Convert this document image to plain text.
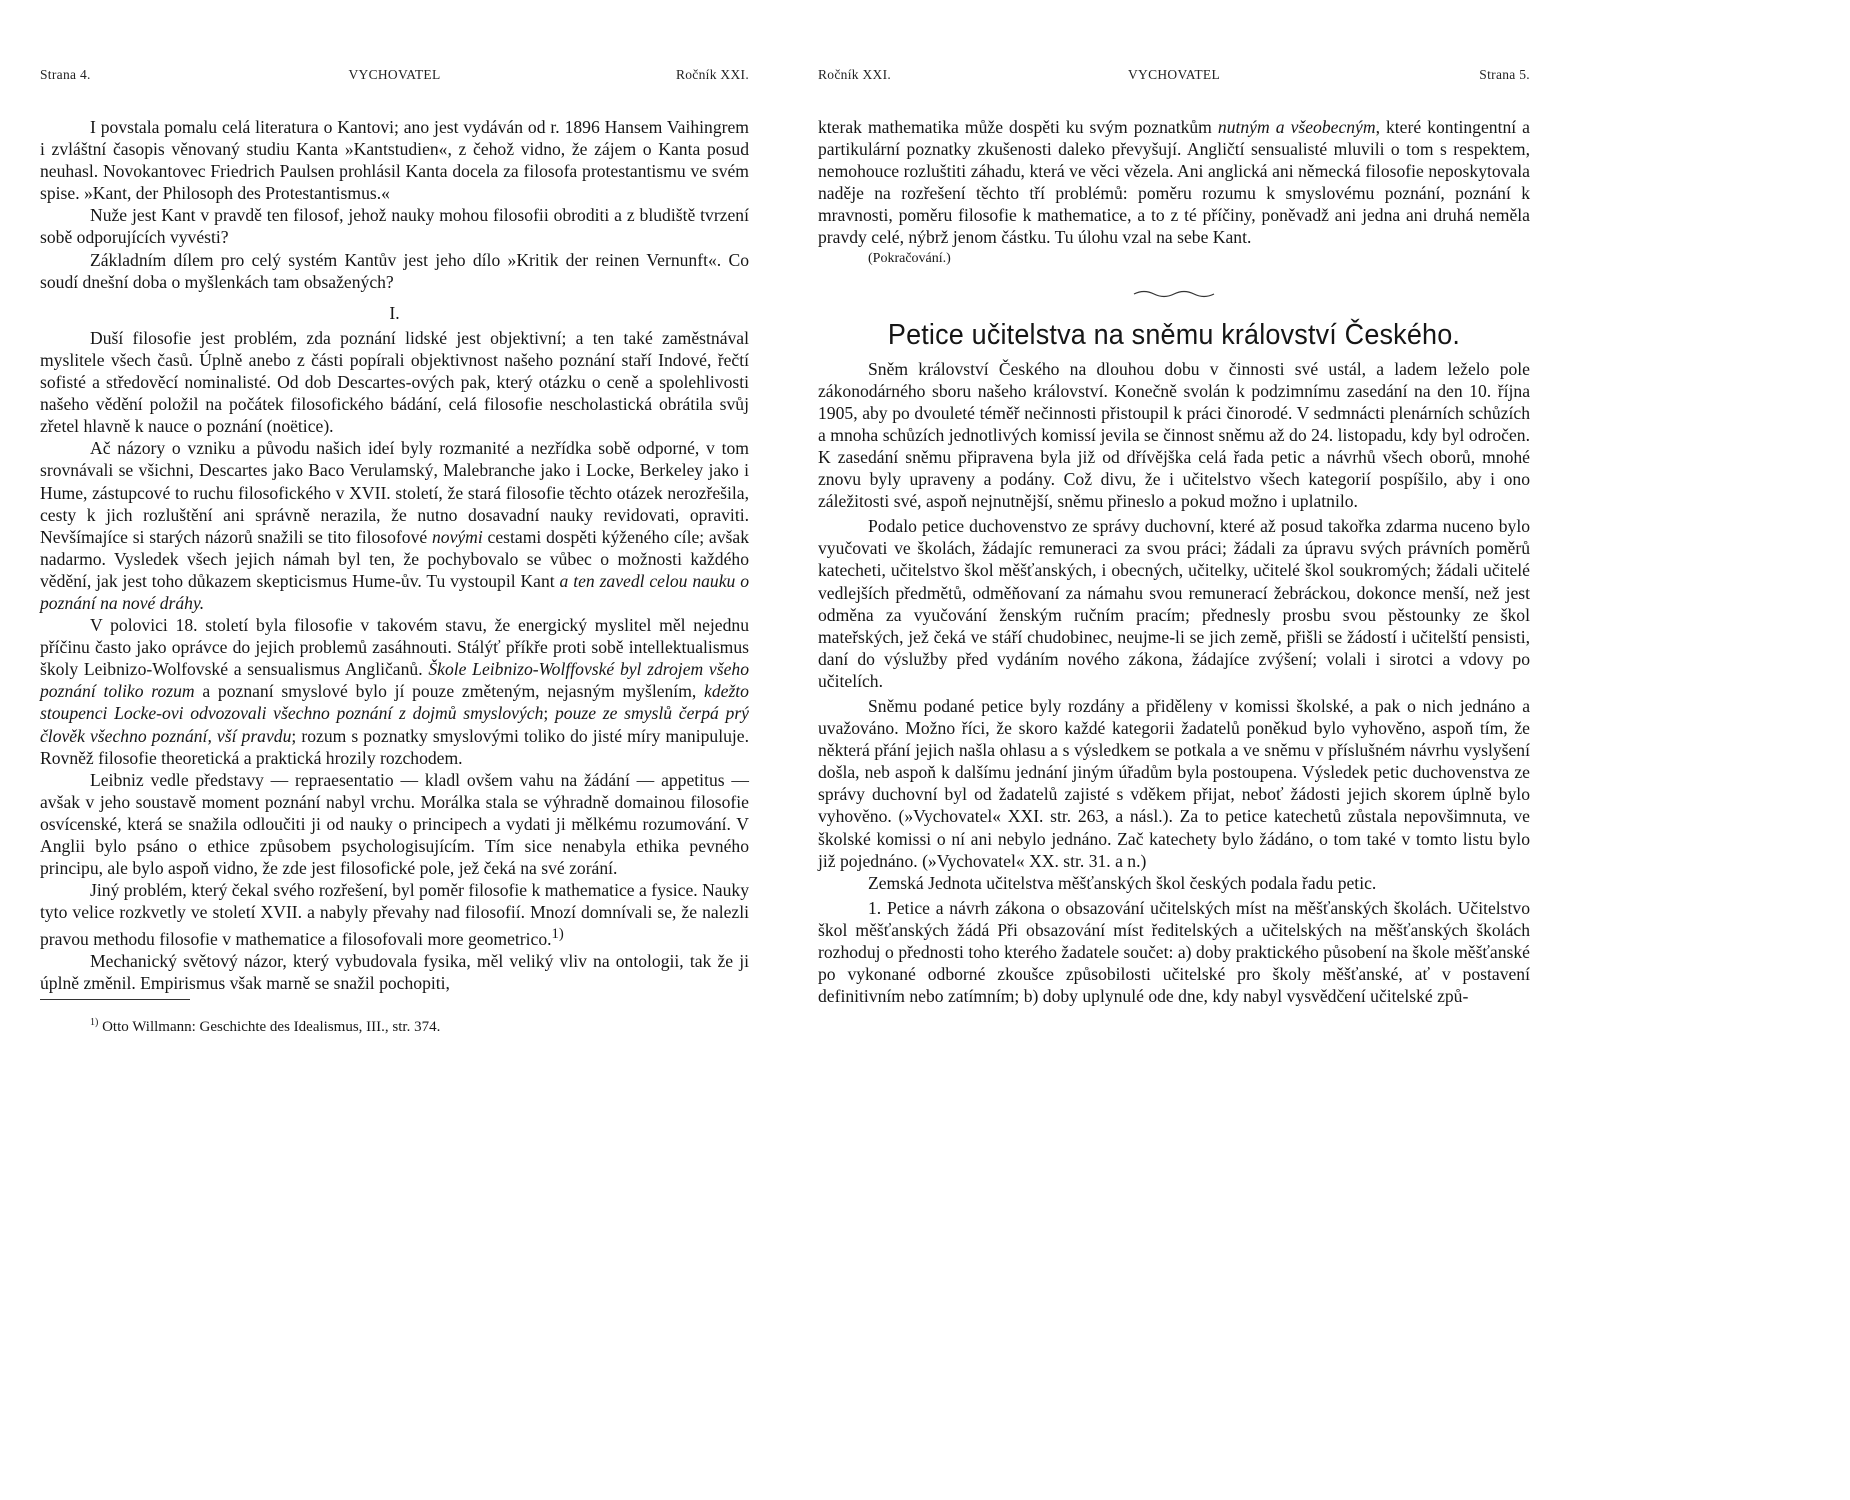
Strana 4.	VYCHOVATEL	Ročník XXI.

I povstala pomalu celá literatura o Kantovi; ano jest vydáván od r. 1896 Hansem Vaihingrem i zvláštní časopis věnovaný studiu Kanta »Kantstudien«, z čehož vidno, že zájem o Kanta posud neuhasl. Novokantovec Friedrich Paulsen prohlásil Kanta docela za filosofa protestantismu ve svém spise. »Kant, der Philosoph des Protestantismus.«

Nuže jest Kant v pravdě ten filosof, jehož nauky mohou filosofii obroditi a z bludiště tvrzení sobě odporujících vyvésti?

Základním dílem pro celý systém Kantův jest jeho dílo »Kritik der reinen Vernunft«. Co soudí dnešní doba o myšlenkách tam obsažených?

I.

Duší filosofie jest problém, zda poznání lidské jest objektivní; a ten také zaměstnával myslitele všech časů. Úplně anebo z části popírali objektivnost našeho poznání staří Indové, řečtí sofisté a středověcí nominalisté. Od dob Descartes-ových pak, který otázku o ceně a spolehlivosti našeho vědění položil na počátek filosofického bádání, celá filosofie nescholastická obrátila svůj zřetel hlavně k nauce o poznání (noëtice).

Ač názory o vzniku a původu našich ideí byly rozmanité a nezřídka sobě odporné, v tom srovnávali se všichni, Descartes jako Baco Verulamský, Malebranche jako i Locke, Berkeley jako i Hume, zástupcové to ruchu filosofického v XVII. století, že stará filosofie těchto otázek nerozřešila, cesty k jich rozluštění ani správně nerazila, že nutno dosavadní nauky revidovati, opraviti. Nevšímajíce si starých názorů snažili se tito filosofové novými cestami dospěti kýženého cíle; avšak nadarmo. Vysledek všech jejich námah byl ten, že pochybovalo se vůbec o možnosti každého vědění, jak jest toho důkazem skepticismus Hume-ův. Tu vystoupil Kant a ten zavedl celou nauku o poznání na nové dráhy.

V polovici 18. století byla filosofie v takovém stavu, že energický myslitel měl nejednu příčinu často jako oprávce do jejich problemů zasáhnouti. Stálýť příkře proti sobě intellektualismus školy Leibnizo-Wolfovské a sensualismus Angličanů. Škole Leibnizo-Wolffovské byl zdrojem všeho poznání toliko rozum a poznaní smyslové bylo jí pouze změteným, nejasným myšlením, kdežto stoupenci Locke-ovi odvozovali všechno poznání z dojmů smyslových; pouze ze smyslů čerpá prý člověk všechno poznání, vší pravdu; rozum s poznatky smyslovými toliko do jisté míry manipuluje. Rovněž filosofie theoretická a praktická hrozily rozchodem.

Leibniz vedle představy — repraesentatio — kladl ovšem vahu na žádání — appetitus — avšak v jeho soustavě moment poznání nabyl vrchu. Morálka stala se výhradně domainou filosofie osvícenské, která se snažila odloučiti ji od nauky o principech a vydati ji mělkému rozumování. V Anglii bylo psáno o ethice způsobem psychologisujícím. Tím sice nenabyla ethika pevného principu, ale bylo aspoň vidno, že zde jest filosofické pole, jež čeká na své zorání.

Jiný problém, který čekal svého rozřešení, byl poměr filosofie k mathematice a fysice. Nauky tyto velice rozkvetly ve století XVII. a nabyly převahy nad filosofií. Mnozí domnívali se, že nalezli pravou methodu filosofie v mathematice a filosofovali more geometrico.$^{1)}$

Mechanický světový názor, který vybudovala fysika, měl veliký vliv na ontologii, tak že ji úplně změnil. Empirismus však marně se snažil pochopiti,

$^{1)}$ Otto Willmann: Geschichte des Idealismus, III., str. 374.
Ročník XXI.	VYCHOVATEL	Strana 5.

kterak mathematika může dospěti ku svým poznatkům nutným a všeobecným, které kontingentní a partikulární poznatky zkušenosti daleko převyšují. Angličtí sensualisté mluvili o tom s respektem, nemohouce rozluštiti záhadu, která ve věci vězela. Ani anglická ani německá filosofie neposkytovala naděje na rozřešení těchto tří problémů: poměru rozumu k smyslovému poznání, poznání k mravnosti, poměru filosofie k mathematice, a to z té příčiny, poněvadž ani jedna ani druhá neměla pravdy celé, nýbrž jenom částku. Tu úlohu vzal na sebe Kant.

(Pokračování.)

Petice učitelstva na sněmu království Českého.

Sněm království Českého na dlouhou dobu v činnosti své ustál, a ladem leželo pole zákonodárného sboru našeho království. Konečně svolán k podzimnímu zasedání na den 10. října 1905, aby po dvouleté téměř nečinnosti přistoupil k práci činorodé. V sedmnácti plenárních schůzích a mnoha schůzích jednotlivých komissí jevila se činnost sněmu až do 24. listopadu, kdy byl odročen. K zasedání sněmu připravena byla již od dřívějška celá řada petic a návrhů všech oborů, mnohé znovu byly upraveny a podány. Což divu, že i učitelstvo všech kategorií pospíšilo, aby i ono záležitosti své, aspoň nejnutnější, sněmu přineslo a pokud možno i uplatnilo.

Podalo petice duchovenstvo ze správy duchovní, které až posud takořka zdarma nuceno bylo vyučovati ve školách, žádajíc remuneraci za svou práci; žádali za úpravu svých právních poměrů katecheti, učitelstvo škol měšťanských, i obecných, učitelky, učitelé škol soukromých; žádali učitelé vedlejších předmětů, odměňovaní za námahu svou remunerací žebráckou, dokonce menší, než jest odměna za vyučování ženským ručním pracím; přednesly prosbu svou pěstounky ze škol mateřských, jež čeká ve stáří chudobinec, neujme-li se jich země, přišli se žádostí i učitelští pensisti, daní do výslužby před vydáním nového zákona, žádajíce zvýšení; volali i sirotci a vdovy po učitelích.

Sněmu podané petice byly rozdány a přiděleny v komissi školské, a pak o nich jednáno a uvažováno. Možno říci, že skoro každé kategorii žadatelů poněkud bylo vyhověno, aspoň tím, že některá přání jejich našla ohlasu a s výsledkem se potkala a ve sněmu v příslušném návrhu vyslyšení došla, neb aspoň k dalšímu jednání jiným úřadům byla postoupena. Výsledek petic duchovenstva ze správy duchovní byl od žadatelů zajisté s vděkem přijat, neboť žádosti jejich skorem úplně bylo vyhověno. (»Vychovatel« XXI. str. 263, a násl.). Za to petice katechetů zůstala nepovšimnuta, ve školské komissi o ní ani nebylo jednáno. Zač katechety bylo žádáno, o tom také v tomto listu bylo již pojednáno. (»Vychovatel« XX. str. 31. a n.)

Zemská Jednota učitelstva měšťanských škol českých podala řadu petic.

1. Petice a návrh zákona o obsazování učitelských míst na měšťanských školách. Učitelstvo škol měšťanských žádá Při obsazování míst ředitelských a učitelských na měšťanských školách rozhoduj o přednosti toho kterého žadatele součet: a) doby praktického působení na škole měšťanské po vykonané odborné zkoušce způsobilosti učitelské pro školy měšťanské, ať v postavení definitivním nebo zatímním; b) doby uplynulé ode dne, kdy nabyl vysvědčení učitelské způ-
